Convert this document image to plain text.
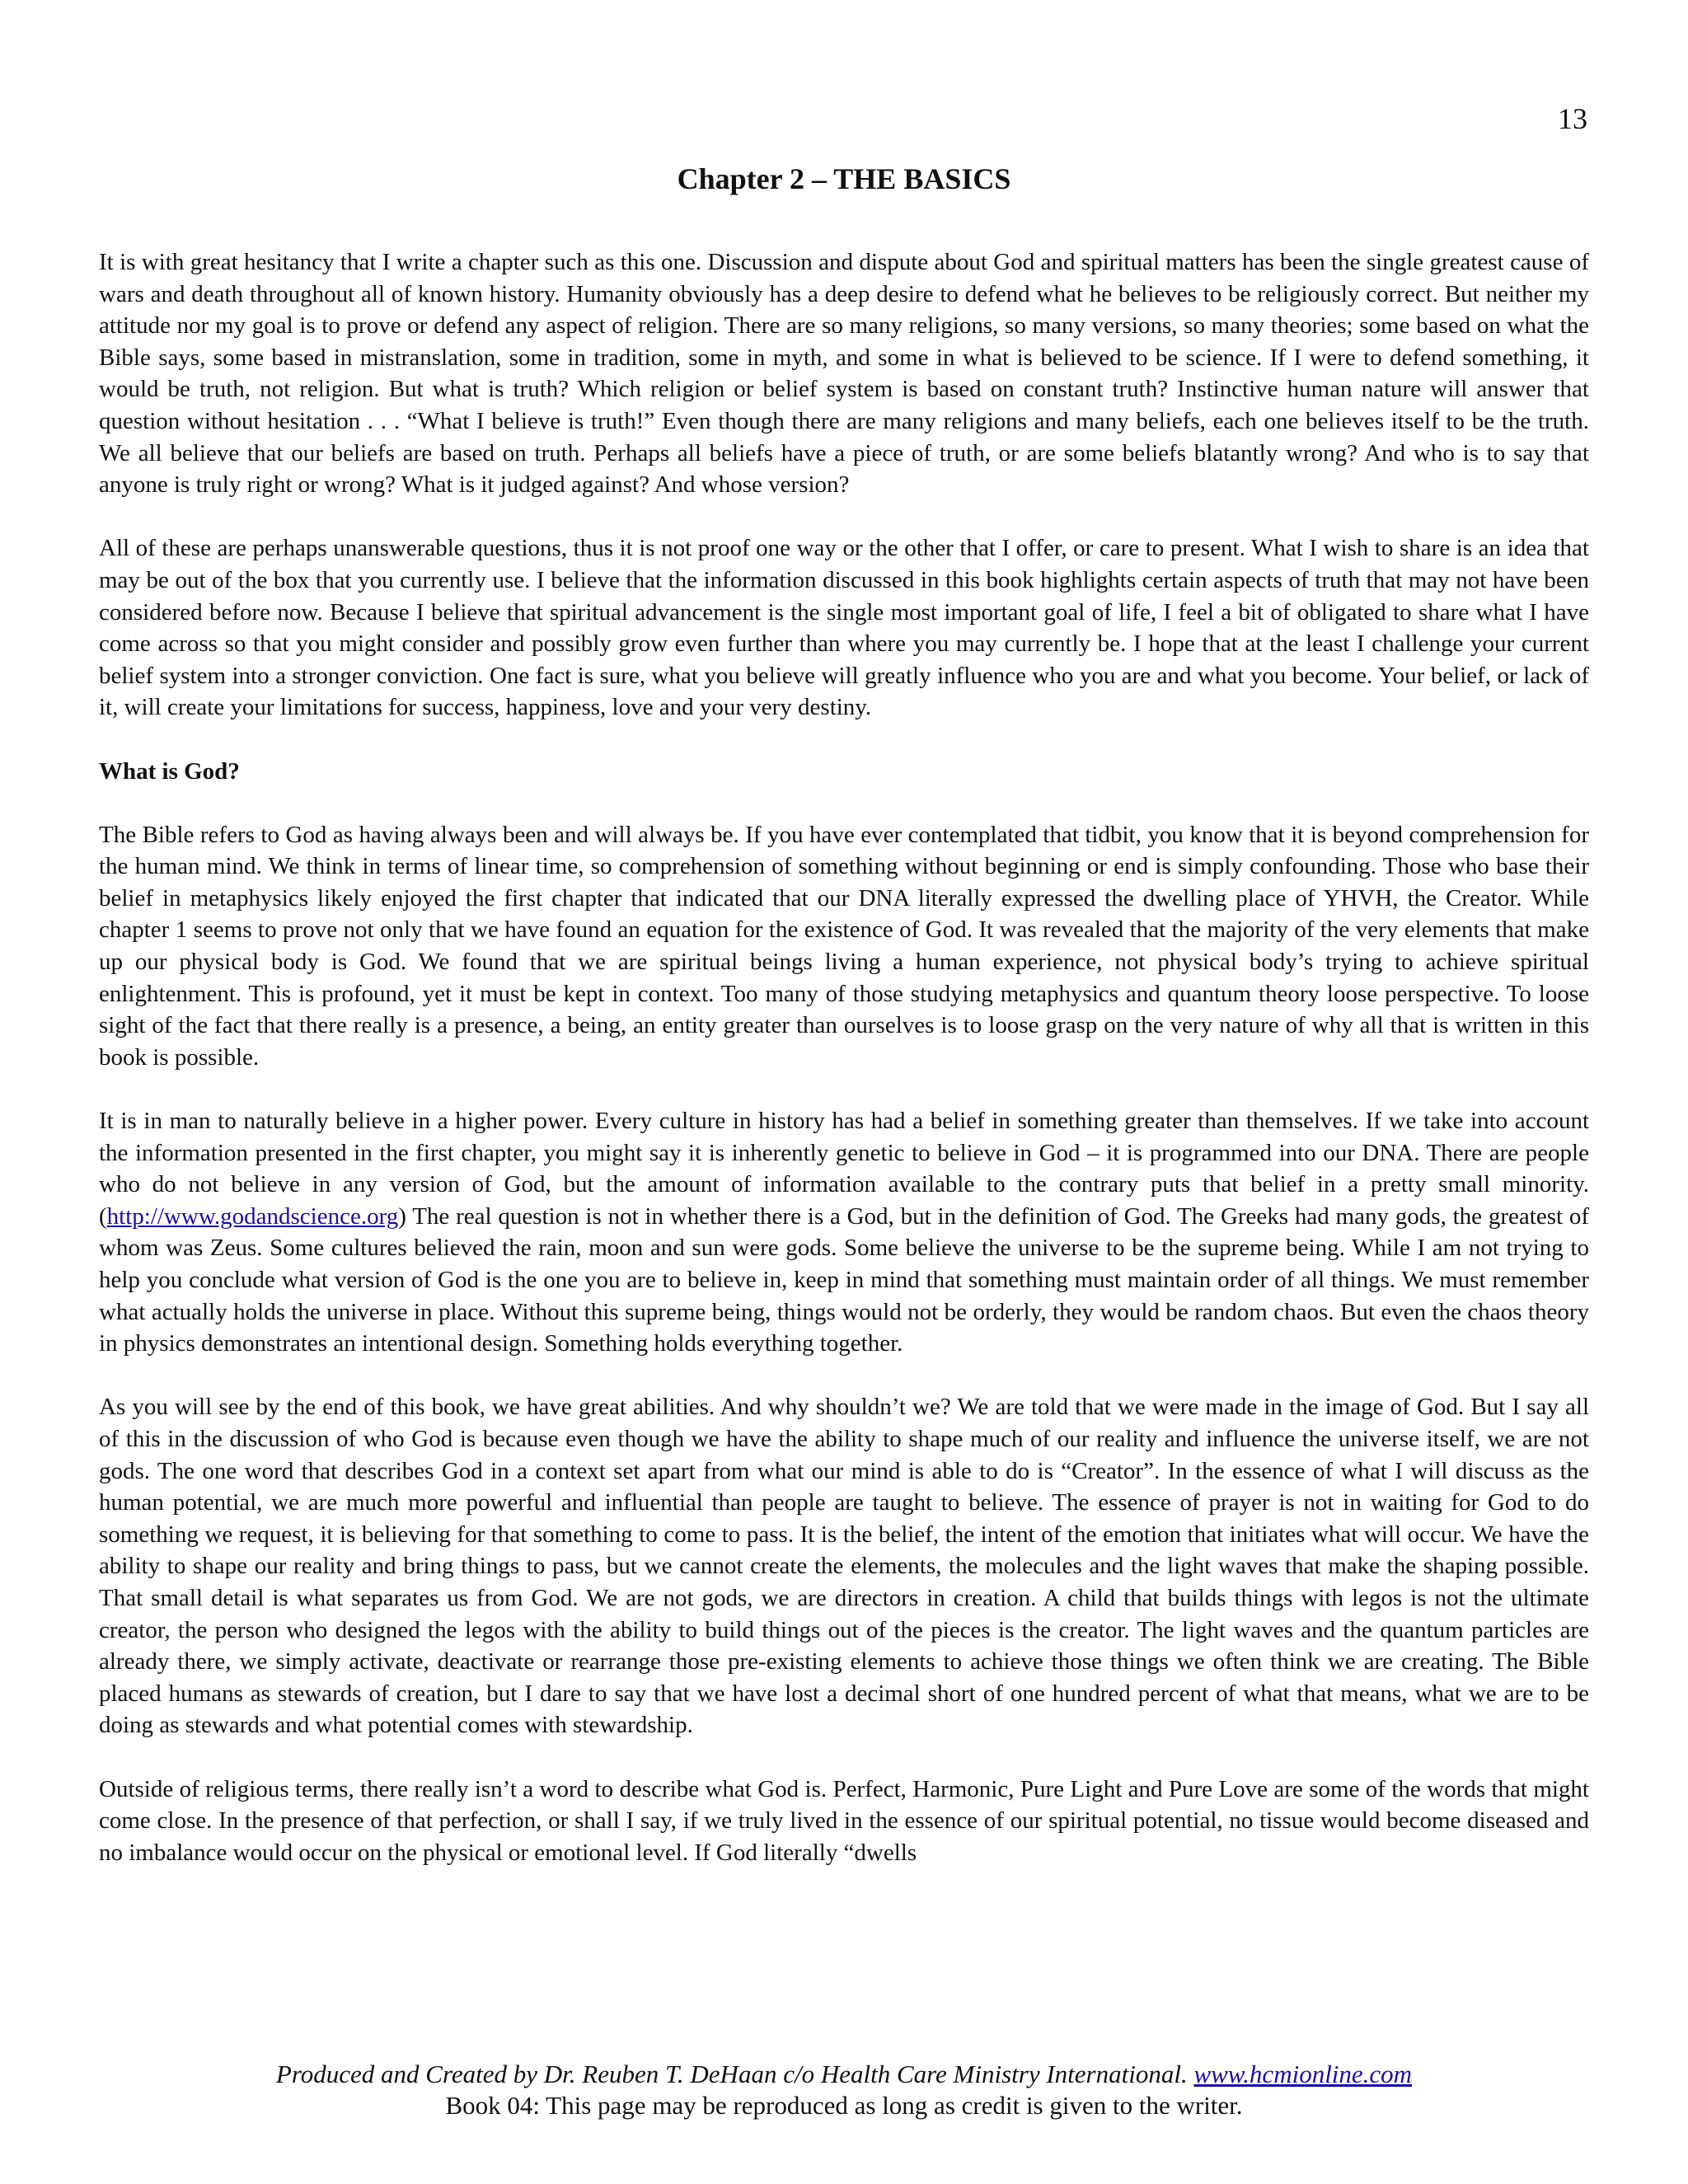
13
Chapter 2 – THE BASICS

It is with great hesitancy that I write a chapter such as this one. Discussion and dispute about God and spiritual matters has been the single greatest cause of wars and death throughout all of known history. Humanity obviously has a deep desire to defend what he believes to be religiously correct. But neither my attitude nor my goal is to prove or defend any aspect of religion. There are so many religions, so many versions, so many theories; some based on what the Bible says, some based in mistranslation, some in tradition, some in myth, and some in what is believed to be science. If I were to defend something, it would be truth, not religion. But what is truth? Which religion or belief system is based on constant truth? Instinctive human nature will answer that question without hesitation . . . “What I believe is truth!” Even though there are many religions and many beliefs, each one believes itself to be the truth. We all believe that our beliefs are based on truth. Perhaps all beliefs have a piece of truth, or are some beliefs blatantly wrong? And who is to say that anyone is truly right or wrong? What is it judged against? And whose version?

All of these are perhaps unanswerable questions, thus it is not proof one way or the other that I offer, or care to present. What I wish to share is an idea that may be out of the box that you currently use. I believe that the information discussed in this book highlights certain aspects of truth that may not have been considered before now. Because I believe that spiritual advancement is the single most important goal of life, I feel a bit of obligated to share what I have come across so that you might consider and possibly grow even further than where you may currently be. I hope that at the least I challenge your current belief system into a stronger conviction. One fact is sure, what you believe will greatly influence who you are and what you become. Your belief, or lack of it, will create your limitations for success, happiness, love and your very destiny.

What is God?

The Bible refers to God as having always been and will always be. If you have ever contemplated that tidbit, you know that it is beyond comprehension for the human mind. We think in terms of linear time, so comprehension of something without beginning or end is simply confounding. Those who base their belief in metaphysics likely enjoyed the first chapter that indicated that our DNA literally expressed the dwelling place of YHVH, the Creator. While chapter 1 seems to prove not only that we have found an equation for the existence of God. It was revealed that the majority of the very elements that make up our physical body is God. We found that we are spiritual beings living a human experience, not physical body’s trying to achieve spiritual enlightenment. This is profound, yet it must be kept in context. Too many of those studying metaphysics and quantum theory loose perspective. To loose sight of the fact that there really is a presence, a being, an entity greater than ourselves is to loose grasp on the very nature of why all that is written in this book is possible.

It is in man to naturally believe in a higher power. Every culture in history has had a belief in something greater than themselves. If we take into account the information presented in the first chapter, you might say it is inherently genetic to believe in God – it is programmed into our DNA. There are people who do not believe in any version of God, but the amount of information available to the contrary puts that belief in a pretty small minority. (http://www.godandscience.org) The real question is not in whether there is a God, but in the definition of God. The Greeks had many gods, the greatest of whom was Zeus. Some cultures believed the rain, moon and sun were gods. Some believe the universe to be the supreme being. While I am not trying to help you conclude what version of God is the one you are to believe in, keep in mind that something must maintain order of all things. We must remember what actually holds the universe in place. Without this supreme being, things would not be orderly, they would be random chaos. But even the chaos theory in physics demonstrates an intentional design. Something holds everything together.

As you will see by the end of this book, we have great abilities. And why shouldn’t we? We are told that we were made in the image of God. But I say all of this in the discussion of who God is because even though we have the ability to shape much of our reality and influence the universe itself, we are not gods. The one word that describes God in a context set apart from what our mind is able to do is “Creator”. In the essence of what I will discuss as the human potential, we are much more powerful and influential than people are taught to believe. The essence of prayer is not in waiting for God to do something we request, it is believing for that something to come to pass. It is the belief, the intent of the emotion that initiates what will occur. We have the ability to shape our reality and bring things to pass, but we cannot create the elements, the molecules and the light waves that make the shaping possible. That small detail is what separates us from God. We are not gods, we are directors in creation. A child that builds things with legos is not the ultimate creator, the person who designed the legos with the ability to build things out of the pieces is the creator. The light waves and the quantum particles are already there, we simply activate, deactivate or rearrange those pre-existing elements to achieve those things we often think we are creating. The Bible placed humans as stewards of creation, but I dare to say that we have lost a decimal short of one hundred percent of what that means, what we are to be doing as stewards and what potential comes with stewardship.

Outside of religious terms, there really isn’t a word to describe what God is. Perfect, Harmonic, Pure Light and Pure Love are some of the words that might come close. In the presence of that perfection, or shall I say, if we truly lived in the essence of our spiritual potential, no tissue would become diseased and no imbalance would occur on the physical or emotional level. If God literally “dwells

Produced and Created by Dr. Reuben T. DeHaan c/o Health Care Ministry International. www.hcmionline.com
Book 04: This page may be reproduced as long as credit is given to the writer.
